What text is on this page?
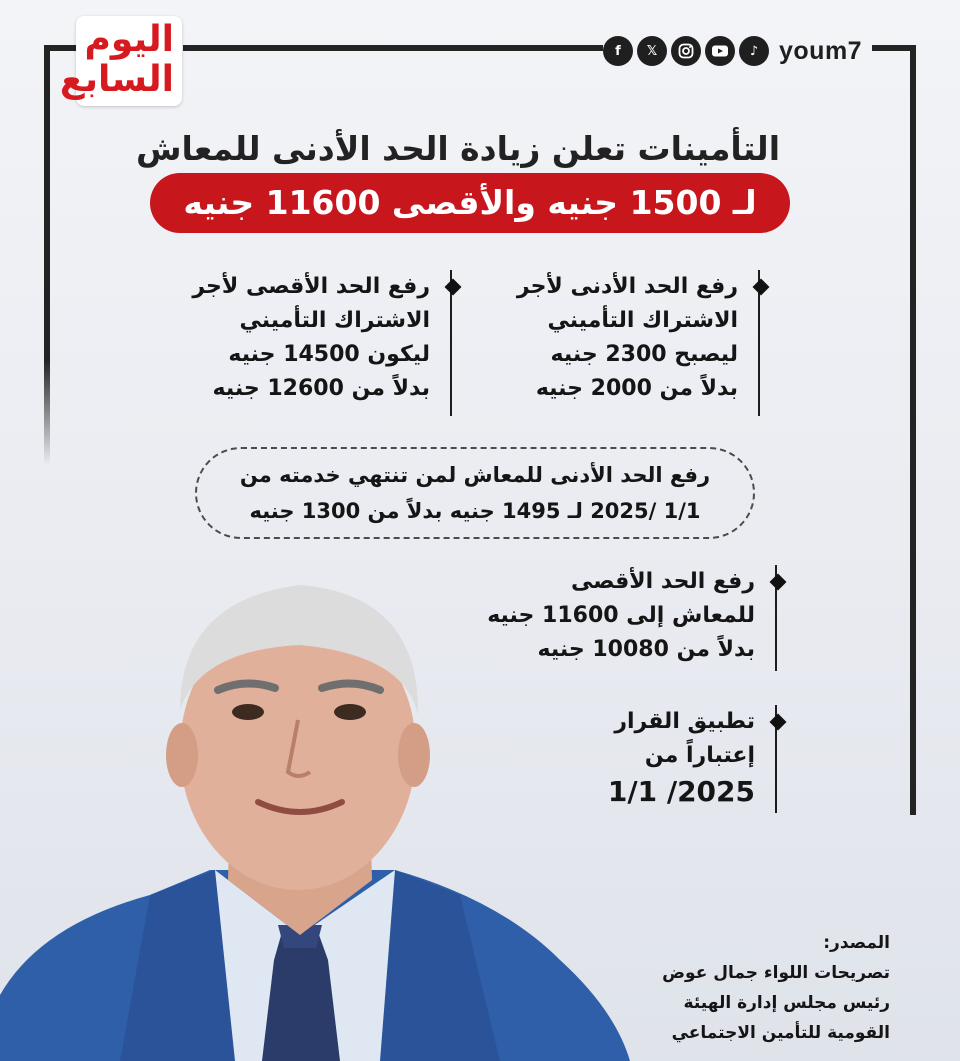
اليوم
السابع
f	𝕏	♪ youm7
التأمينات تعلن زيادة الحد الأدنى للمعاش
لـ 1500 جنيه والأقصى 11600 جنيه
رفع الحد الأدنى لأجر
الاشتراك التأميني
ليصبح 2300 جنيه
بدلاً من 2000 جنيه
رفع الحد الأقصى لأجر
الاشتراك التأميني
ليكون 14500 جنيه
بدلاً من 12600 جنيه
رفع الحد الأدنى للمعاش لمن تنتهي خدمته من
1/1 /2025 لـ 1495 جنيه بدلاً من 1300 جنيه
رفع الحد الأقصى
للمعاش إلى 11600 جنيه
بدلاً من 10080 جنيه
تطبيق القرار
إعتباراً من
2025/ 1/1
المصدر:
تصريحات اللواء جمال عوض
رئيس مجلس إدارة الهيئة
القومية للتأمين الاجتماعي
